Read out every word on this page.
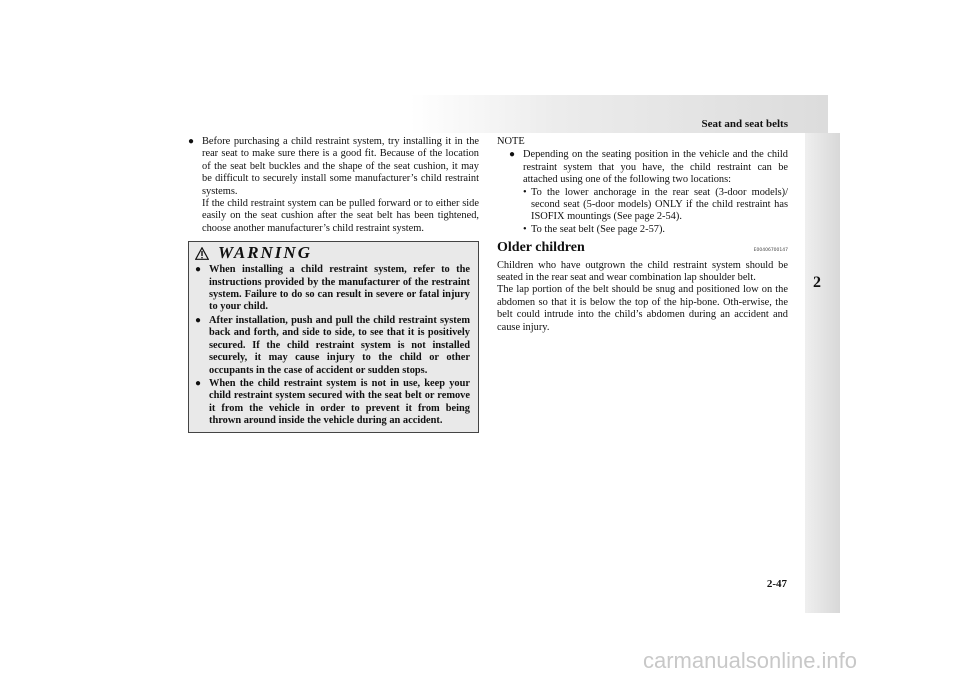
Seat and seat belts
2
● Before purchasing a child restraint system, try installing it in the rear seat to make sure there is a good fit. Because of the location of the seat belt buckles and the shape of the seat cushion, it may be difficult to securely install some manufacturer’s child restraint systems.

If the child restraint system can be pulled forward or to either side easily on the seat cushion after the seat belt has been tightened, choose another manufacturer’s child restraint system.

WARNING
● When installing a child restraint system, refer to the instructions provided by the manufacturer of the restraint system. Failure to do so can result in severe or fatal injury to your child.
● After installation, push and pull the child restraint system back and forth, and side to side, to see that it is positively secured. If the child restraint system is not installed securely, it may cause injury to the child or other occupants in the case of accident or sudden stops.
● When the child restraint system is not in use, keep your child restraint system secured with the seat belt or remove it from the vehicle in order to prevent it from being thrown around inside the vehicle during an accident.
NOTE
● Depending on the seating position in the vehicle and the child restraint system that you have, the child restraint can be attached using one of the following two locations:

• To the lower anchorage in the rear seat (3-door models)/ second seat (5-door models) ONLY if the child restraint has ISOFIX mountings (See page 2-54).
• To the seat belt (See page 2-57).
Older children	E00406700147

Children who have outgrown the child restraint system should be seated in the rear seat and wear combination lap shoulder belt.

The lap portion of the belt should be snug and positioned low on the abdomen so that it is below the top of the hip-bone. Oth-erwise, the belt could intrude into the child’s abdomen during an accident and cause injury.

2-47
carmanualsonline.info
